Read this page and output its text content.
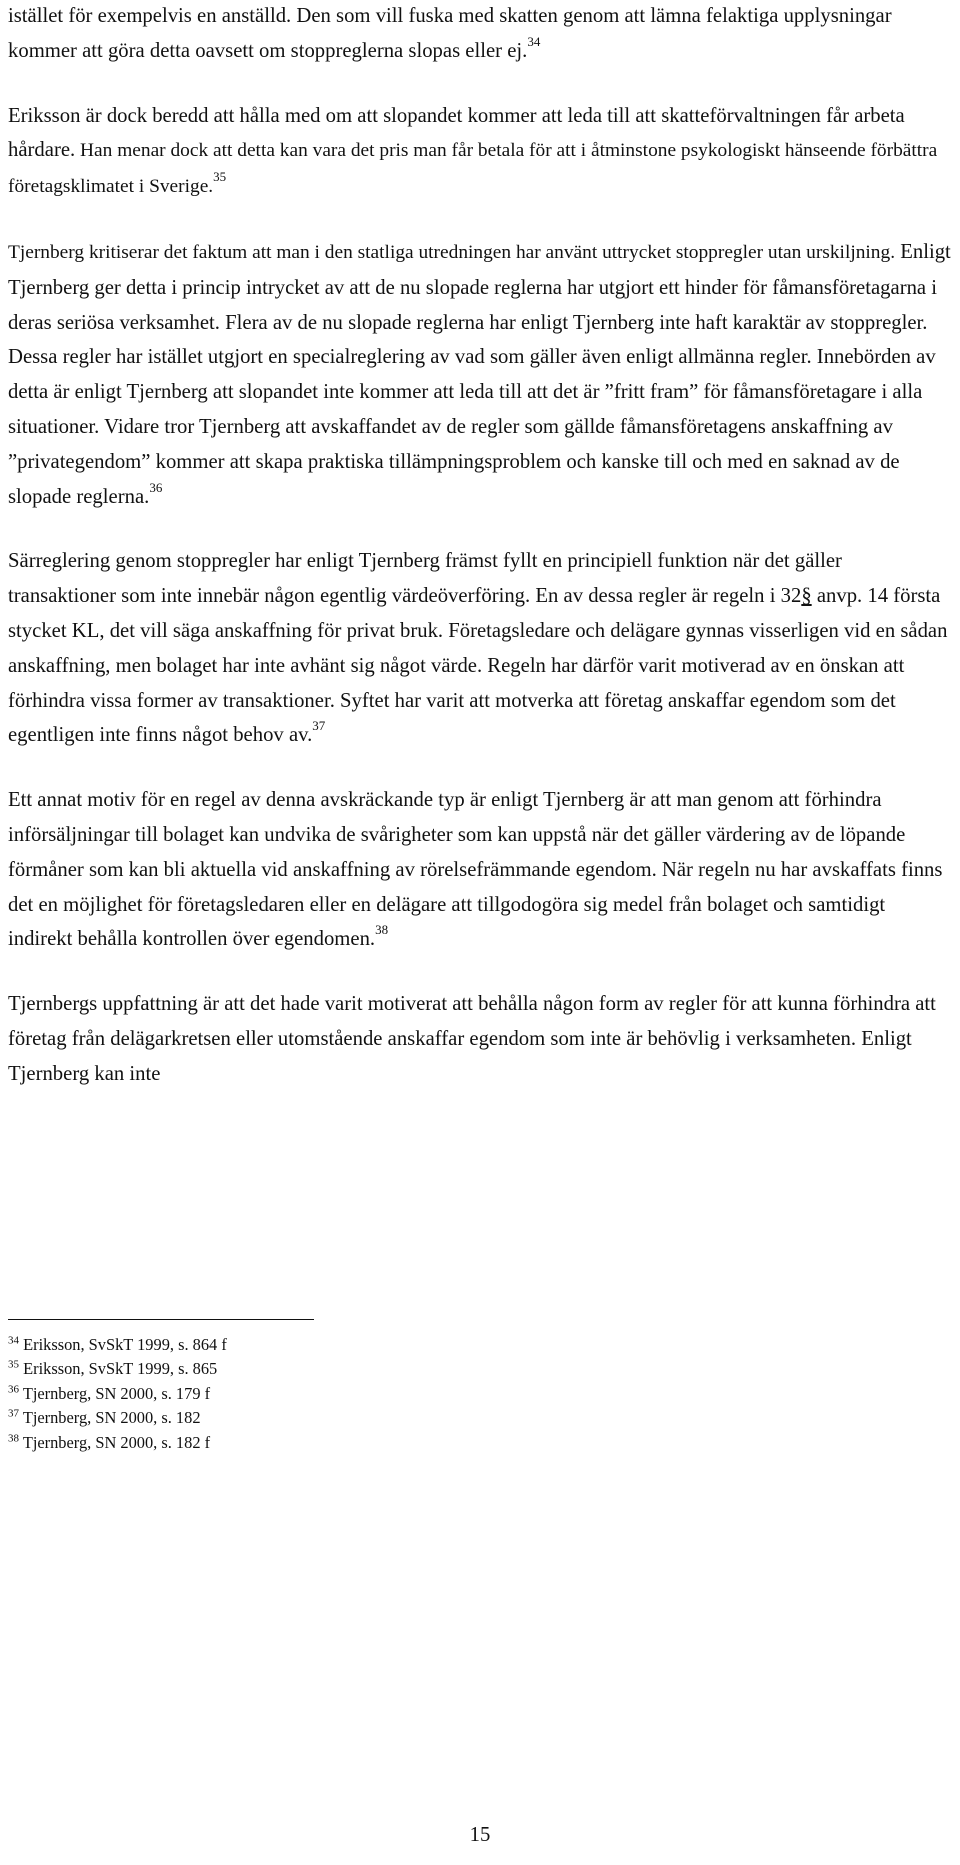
istället för exempelvis en anställd. Den som vill fuska med skatten genom att lämna felaktiga upplysningar kommer att göra detta oavsett om stoppreglerna slopas eller ej.$^{34}$

Eriksson är dock beredd att hålla med om att slopandet kommer att leda till att skatteförvaltningen får arbeta hårdare. Han menar dock att detta kan vara det pris man får betala för att i åtminstone psykologiskt hänseende förbättra företagsklimatet i Sverige.$^{35}$

Tjernberg kritiserar det faktum att man i den statliga utredningen har använt uttrycket stoppregler utan urskiljning. Enligt Tjernberg ger detta i princip intrycket av att de nu slopade reglerna har utgjort ett hinder för fåmansföretagarna i deras seriösa verksamhet. Flera av de nu slopade reglerna har enligt Tjernberg inte haft karaktär av stoppregler. Dessa regler har istället utgjort en specialreglering av vad som gäller även enligt allmänna regler. Innebörden av detta är enligt Tjernberg att slopandet inte kommer att leda till att det är ”fritt fram” för fåmansföretagare i alla situationer. Vidare tror Tjernberg att avskaffandet av de regler som gällde fåmansföretagens anskaffning av ”privategendom” kommer att skapa praktiska tillämpningsproblem och kanske till och med en saknad av de slopade reglerna.$^{36}$

Särreglering genom stoppregler har enligt Tjernberg främst fyllt en principiell funktion när det gäller transaktioner som inte innebär någon egentlig värdeöverföring. En av dessa regler är regeln i 32§ anvp. 14 första stycket KL, det vill säga anskaffning för privat bruk. Företagsledare och delägare gynnas visserligen vid en sådan anskaffning, men bolaget har inte avhänt sig något värde. Regeln har därför varit motiverad av en önskan att förhindra vissa former av transaktioner. Syftet har varit att motverka att företag anskaffar egendom som det egentligen inte finns något behov av.$^{37}$

Ett annat motiv för en regel av denna avskräckande typ är enligt Tjernberg är att man genom att förhindra införsäljningar till bolaget kan undvika de svårigheter som kan uppstå när det gäller värdering av de löpande förmåner som kan bli aktuella vid anskaffning av rörelsefrämmande egendom. När regeln nu har avskaffats finns det en möjlighet för företagsledaren eller en delägare att tillgodogöra sig medel från bolaget och samtidigt indirekt behålla kontrollen över egendomen.$^{38}$

Tjernbergs uppfattning är att det hade varit motiverat att behålla någon form av regler för att kunna förhindra att företag från delägarkretsen eller utomstående anskaffar egendom som inte är behövlig i verksamheten. Enligt Tjernberg kan inte

$^{34}$ Eriksson, SvSkT 1999, s. 864 f
$^{35}$ Eriksson, SvSkT 1999, s. 865
$^{36}$ Tjernberg, SN 2000, s. 179 f
$^{37}$ Tjernberg, SN 2000, s. 182
$^{38}$ Tjernberg, SN 2000, s. 182 f
15
